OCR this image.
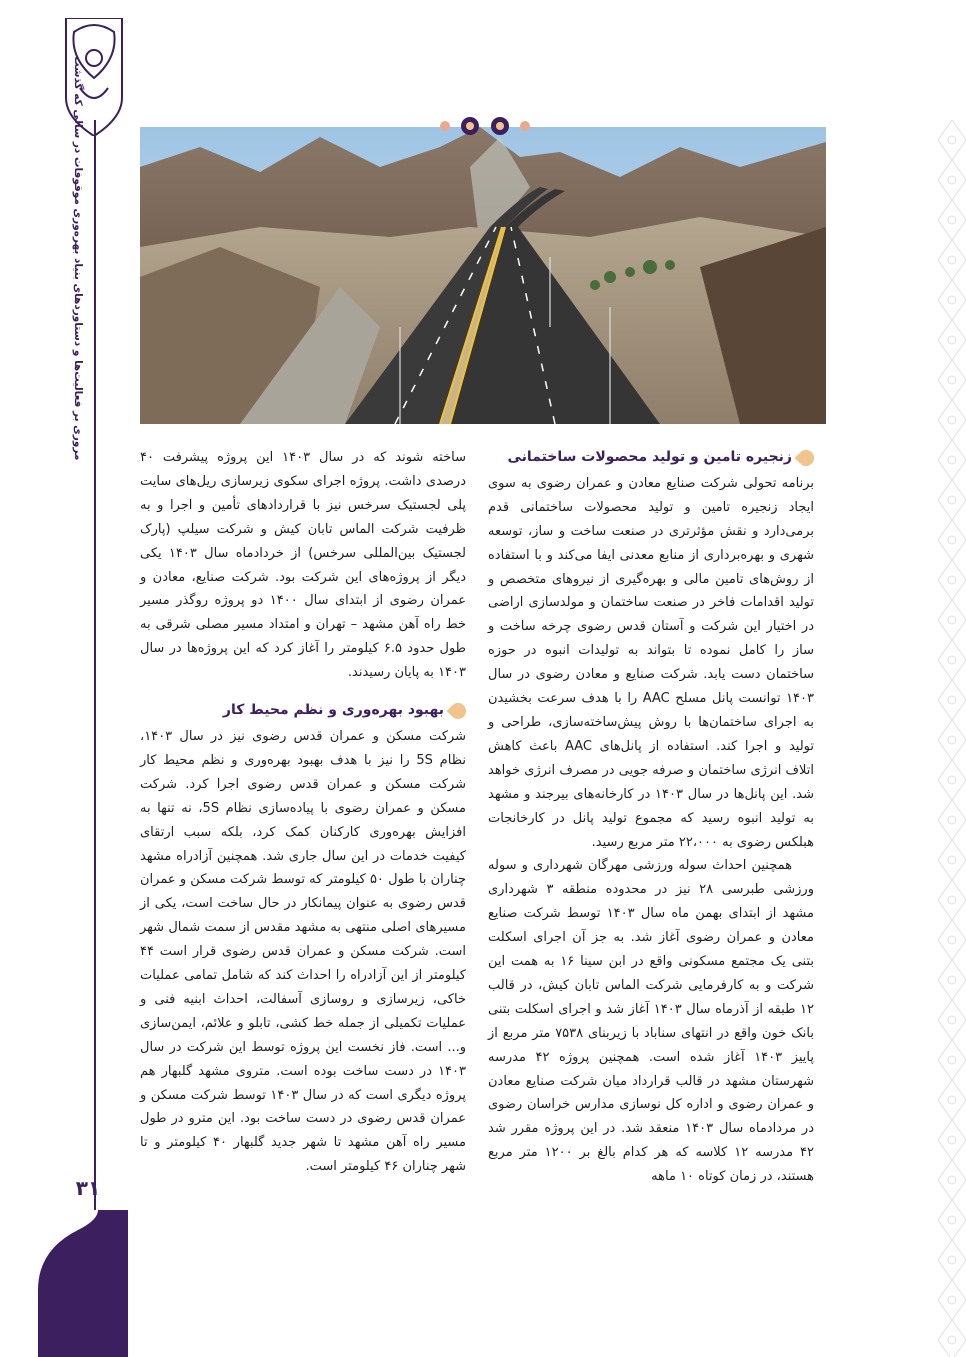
مروری بر فعالیت‌ها و دستاوردهای بنیاد بهره‌وری موقوفات در سالی که گذشت
۳۱
زنجیره تامین و تولید محصولات ساختمانی

برنامه تحولی شرکت صنایع معادن و عمران رضوی به سوی ایجاد زنجیره تامین و تولید محصولات ساختمانی قدم برمی‌دارد و نقش مؤثرتری در صنعت ساخت و ساز، توسعه شهری و بهره‌برداری از منابع معدنی ایفا می‌کند و با استفاده از روش‌های تامین مالی و بهره‌گیری از نیروهای متخصص و تولید اقدامات فاخر در صنعت ساختمان و مولدسازی اراضی در اختیار این شرکت و آستان قدس رضوی چرخه ساخت و ساز را کامل نموده تا بتواند به تولیدات انبوه در حوزه ساختمان دست یابد. شرکت صنایع و معادن رضوی در سال ۱۴۰۳ توانست پانل مسلح AAC را با هدف سرعت بخشیدن به اجرای ساختمان‌ها با روش پیش‌ساخته‌سازی، طراحی و تولید و اجرا کند. استفاده از پانل‌های AAC باعث کاهش اتلاف انرژی ساختمان و صرفه جویی در مصرف انرژی خواهد شد. این پانل‌ها در سال ۱۴۰۳ در کارخانه‌های بیرجند و مشهد به تولید انبوه رسید که مجموع تولید پانل در کارخانجات هبلکس رضوی به ۲۲،۰۰۰ متر مربع رسید.

همچنین احداث سوله ورزشی مهرگان شهرداری و سوله ورزشی طبرسی ۲۸ نیز در محدوده منطقه ۳ شهرداری مشهد از ابتدای بهمن ماه سال ۱۴۰۳ توسط شرکت صنایع معادن و عمران رضوی آغاز شد. به جز آن اجرای اسکلت بتنی یک مجتمع مسکونی واقع در ابن سینا ۱۶ به همت این شرکت و به کارفرمایی شرکت الماس تابان کیش، در قالب ۱۲ طبقه از آذرماه سال ۱۴۰۳ آغاز شد و اجرای اسکلت بتنی بانک خون واقع در انتهای سناباد با زیربنای ۷۵۳۸ متر مربع از پاییز ۱۴۰۳ آغاز شده است. همچنین پروژه ۴۲ مدرسه شهرستان مشهد در قالب قرارداد میان شرکت صنایع معادن و عمران رضوی و اداره کل نوسازی مدارس خراسان رضوی در مردادماه سال ۱۴۰۳ منعقد شد. در این پروژه مقرر شد ۴۲ مدرسه ۱۲ کلاسه که هر کدام بالغ بر ۱۲۰۰ متر مربع هستند، در زمان کوتاه ۱۰ ماهه

ساخته شوند که در سال ۱۴۰۳ این پروژه پیشرفت ۴۰ درصدی داشت. پروژه اجرای سکوی زیرسازی ریل‌های سایت پلی لجستیک سرخس نیز با قراردادهای تأمین و اجرا و به ظرفیت شرکت الماس تابان کیش و شرکت سیلپ (پارک لجستیک بین‌المللی سرخس) از خردادماه سال ۱۴۰۳ یکی دیگر از پروژه‌های این شرکت بود. شرکت صنایع، معادن و عمران رضوی از ابتدای سال ۱۴۰۰ دو پروژه روگذر مسیر خط راه آهن مشهد – تهران و امتداد مسیر مصلی شرقی به طول حدود ۶.۵ کیلومتر را آغاز کرد که این پروژه‌ها در سال ۱۴۰۳ به پایان رسیدند.

بهبود بهره‌وری و نظم محیط کار

شرکت مسکن و عمران قدس رضوی نیز در سال ۱۴۰۳، نظام 5S را نیز با هدف بهبود بهره‌وری و نظم محیط کار شرکت مسکن و عمران قدس رضوی اجرا کرد. شرکت مسکن و عمران رضوی با پیاده‌سازی نظام 5S، نه تنها به افزایش بهره‌وری کارکنان کمک کرد، بلکه سبب ارتقای کیفیت خدمات در این سال جاری شد. همچنین آزادراه مشهد چناران با طول ۵۰ کیلومتر که توسط شرکت مسکن و عمران قدس رضوی به عنوان پیمانکار در حال ساخت است، یکی از مسیرهای اصلی منتهی به مشهد مقدس از سمت شمال شهر است. شرکت مسکن و عمران قدس رضوی قرار است ۴۴ کیلومتر از این آزادراه را احداث کند که شامل تمامی عملیات خاکی، زیرسازی و روسازی آسفالت، احداث ابنیه فنی و عملیات تکمیلی از جمله خط کشی، تابلو و علائم، ایمن‌سازی و... است. فاز نخست این پروژه توسط این شرکت در سال ۱۴۰۳ در دست ساخت بوده است. متروی مشهد گلبهار هم پروژه دیگری است که در سال ۱۴۰۳ توسط شرکت مسکن و عمران قدس رضوی در دست ساخت بود. این مترو در طول مسیر راه آهن مشهد تا شهر جدید گلبهار ۴۰ کیلومتر و تا شهر چناران ۴۶ کیلومتر است.
